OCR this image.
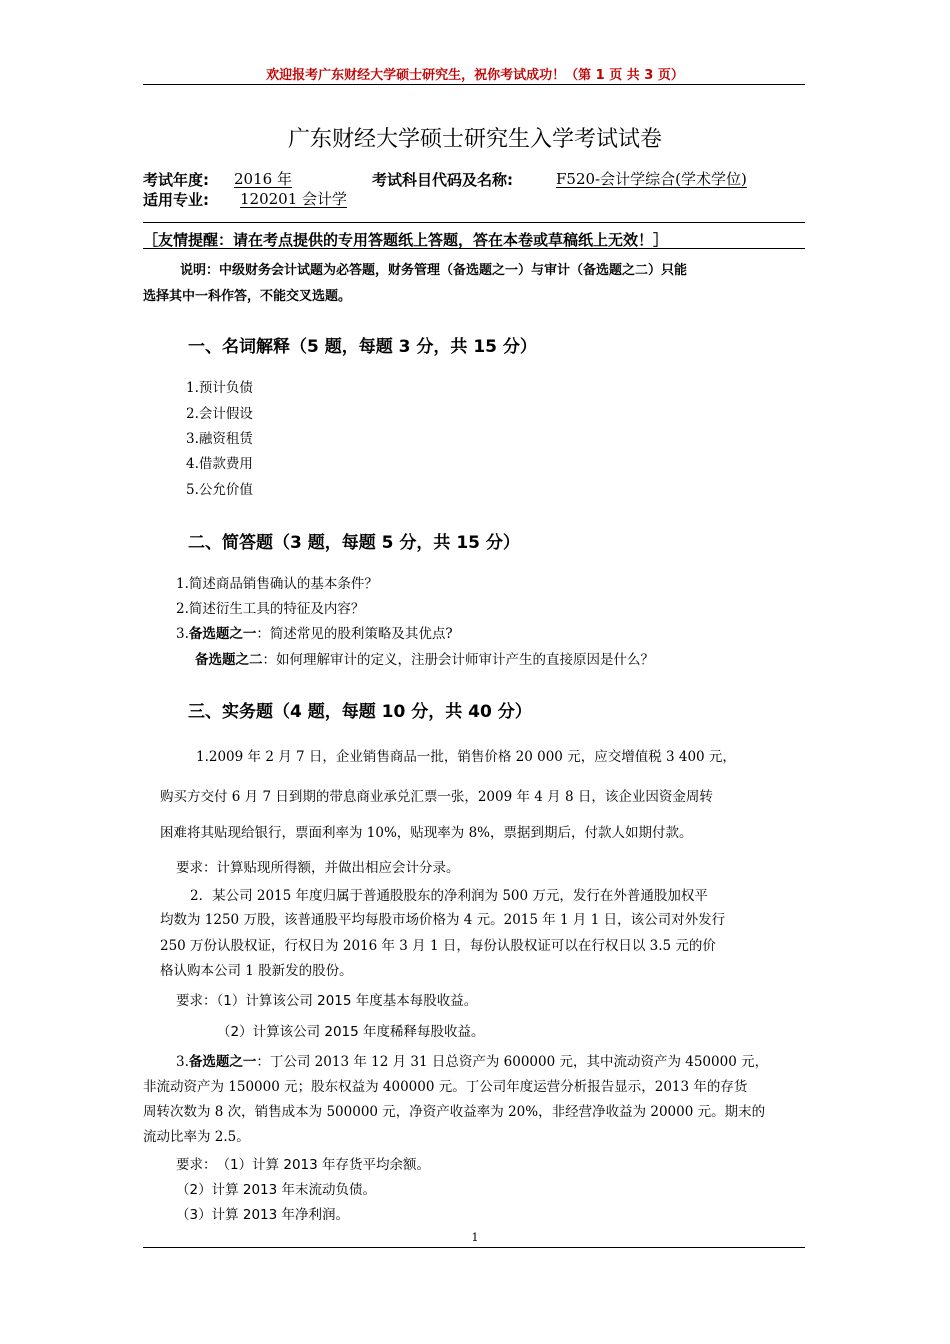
欢迎报考广东财经大学硕士研究生，祝你考试成功！（第 1 页 共 3 页）
广东财经大学硕士研究生入学考试试卷
考试年度: 2016 年	考试科目代码及名称:	F520-会计学综合(学术学位)
适用专业: 120201 会计学
［友情提醒：请在考点提供的专用答题纸上答题，答在本卷或草稿纸上无效！］
说明：中级财务会计试题为必答题，财务管理（备选题之一）与审计（备选题之二）只能
选择其中一科作答，不能交叉选题。
一、名词解释（5 题，每题 3 分，共 15 分）
1.预计负债
2.会计假设
3.融资租赁
4.借款费用
5.公允价值
二、简答题（3 题，每题 5 分，共 15 分）
1.简述商品销售确认的基本条件？
2.简述衍生工具的特征及内容？
3.备选题之一：简述常见的股利策略及其优点?
备选题之二：如何理解审计的定义，注册会计师审计产生的直接原因是什么？
三、实务题（4 题，每题 10 分，共 40 分）
1.2009 年 2 月 7 日，企业销售商品一批，销售价格 20 000 元，应交增值税 3 400 元，
购买方交付 6 月 7 日到期的带息商业承兑汇票一张，2009 年 4 月 8 日，该企业因资金周转
困难将其贴现给银行，票面利率为 10%，贴现率为 8%，票据到期后，付款人如期付款。
要求：计算贴现所得额，并做出相应会计分录。
2．某公司 2015 年度归属于普通股股东的净利润为 500 万元，发行在外普通股加权平
均数为 1250 万股，该普通股平均每股市场价格为 4 元。2015 年 1 月 1 日，该公司对外发行
250 万份认股权证，行权日为 2016 年 3 月 1 日，每份认股权证可以在行权日以 3.5 元的价
格认购本公司 1 股新发的股份。
要求：（1）计算该公司 2015 年度基本每股收益。
（2）计算该公司 2015 年度稀释每股收益。
3.备选题之一：丁公司 2013 年 12 月 31 日总资产为 600000 元，其中流动资产为 450000 元，
非流动资产为 150000 元；股东权益为 400000 元。丁公司年度运营分析报告显示，2013 年的存货
周转次数为 8 次，销售成本为 500000 元，净资产收益率为 20%，非经营净收益为 20000 元。期末的
流动比率为 2.5。
要求：　（1）计算 2013 年存货平均余额。
（2）计算 2013 年末流动负债。
（3）计算 2013 年净利润。
1
